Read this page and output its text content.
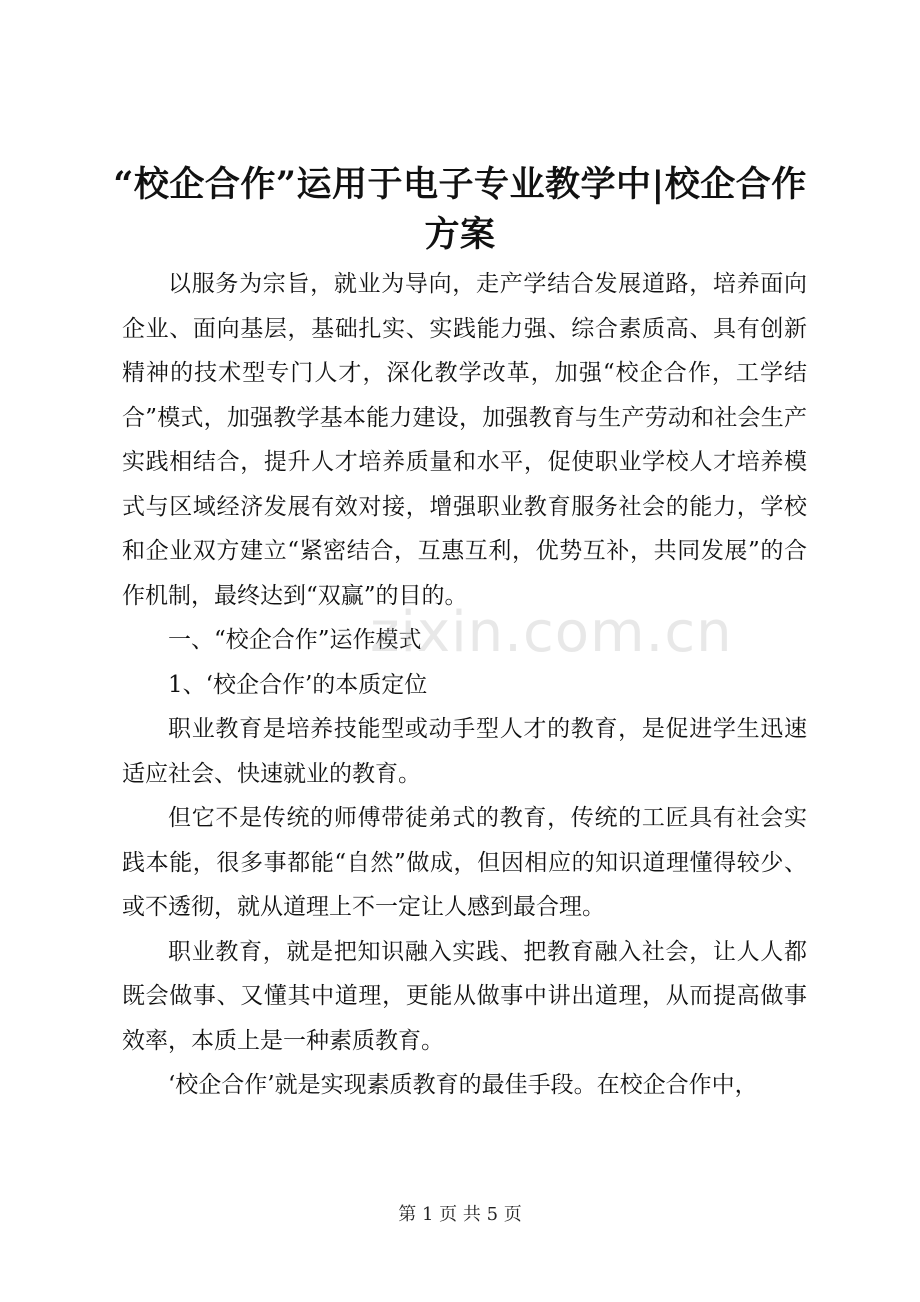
“校企合作”运用于电子专业教学中|校企合作方案

以服务为宗旨，就业为导向，走产学结合发展道路，培养面向企业、面向基层，基础扎实、实践能力强、综合素质高、具有创新精神的技术型专门人才，深化教学改革，加强“校企合作，工学结合”模式，加强教学基本能力建设，加强教育与生产劳动和社会生产实践相结合，提升人才培养质量和水平，促使职业学校人才培养模式与区域经济发展有效对接，增强职业教育服务社会的能力，学校和企业双方建立“紧密结合，互惠互利，优势互补，共同发展”的合作机制，最终达到“双赢”的目的。

一、“校企合作”运作模式

1、‘校企合作’的本质定位

职业教育是培养技能型或动手型人才的教育，是促进学生迅速适应社会、快速就业的教育。

但它不是传统的师傅带徒弟式的教育，传统的工匠具有社会实践本能，很多事都能“自然”做成，但因相应的知识道理懂得较少、或不透彻，就从道理上不一定让人感到最合理。

职业教育，就是把知识融入实践、把教育融入社会，让人人都既会做事、又懂其中道理，更能从做事中讲出道理，从而提高做事效率，本质上是一种素质教育。

‘校企合作’就是实现素质教育的最佳手段。在校企合作中，

zixin.com.cn
第 1 页 共 5 页
